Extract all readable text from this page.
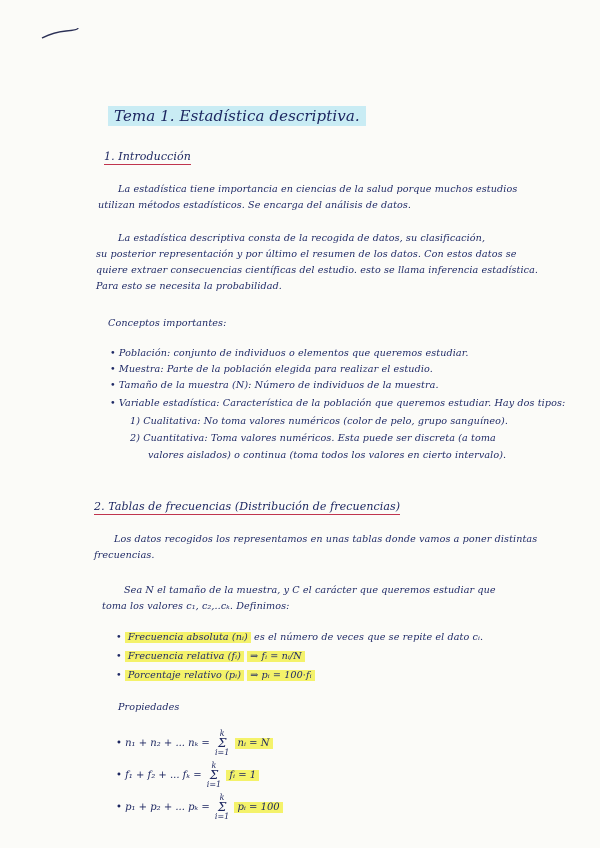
Tema 1. Estadística descriptiva.
1. Introducción
La estadística tiene importancia en ciencias de la salud porque muchos estudios
utilizan métodos estadísticos. Se encarga del análisis de datos.
La estadística descriptiva consta de la recogida de datos, su clasificación,
su posterior representación y por último el resumen de los datos. Con estos datos se
quiere extraer consecuencias científicas del estudio. esto se llama inferencia estadística.
Para esto se necesita la probabilidad.
Conceptos importantes:
• Población: conjunto de individuos o elementos que queremos estudiar.
• Muestra: Parte de la población elegida para realizar el estudio.
• Tamaño de la muestra (N): Número de individuos de la muestra.
• Variable estadística: Característica de la población que queremos estudiar. Hay dos tipos:
1) Cualitativa: No toma valores numéricos (color de pelo, grupo sanguíneo).
2) Cuantitativa: Toma valores numéricos. Esta puede ser discreta (a toma
valores aislados) o continua (toma todos los valores en cierto intervalo).
2. Tablas de frecuencias (Distribución de frecuencias)
Los datos recogidos los representamos en unas tablas donde vamos a poner distintas
frecuencias.
Sea N el tamaño de la muestra, y C el carácter que queremos estudiar que
toma los valores c₁, c₂,..cₖ. Definimos:
• Frecuencia absoluta (nᵢ) es el número de veces que se repite el dato cᵢ.
• Frecuencia relativa (fᵢ) ⇒ fᵢ = nᵢ/N
• Porcentaje relativo (pᵢ) ⇒ pᵢ = 100·fᵢ
Propiedades
• n₁ + n₂ + ... nₖ = k
Σ
i=1 nᵢ = N
• f₁ + f₂ + ... fₖ = k
Σ
i=1 fᵢ = 1
• p₁ + p₂ + ... pₖ = k
Σ
i=1 pᵢ = 100
